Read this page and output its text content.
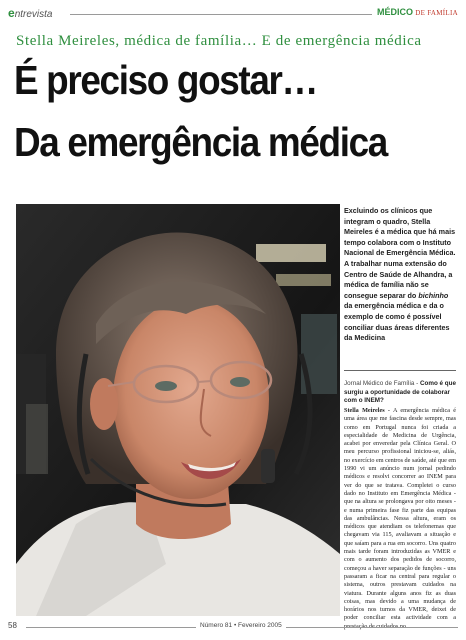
entrevista	MÉDICO DE FAMÍLIA
Stella Meireles, médica de família… E de emergência médica
É preciso gostar…
Da emergência médica
Excluindo os clínicos que integram o quadro, Stella Meireles é a médica que há mais tempo colabora com o Instituto Nacional de Emergência Médica. A trabalhar numa extensão do Centro de Saúde de Alhandra, a médica de família não se consegue separar do bichinho da emergência médica e da o exemplo de como é possível conciliar duas áreas diferentes da Medicina
Jornal Médico de Família - Como é que surgiu a oportunidade de colaborar com o INEM?
Stella Meireles - A emergência médica é uma área que me fascina desde sempre, mas como em Portugal nunca foi criada a especialidade de Medicina de Urgência, acabei por enveredar pela Clínica Geral. O meu percurso profissional iniciou-se, aliás, no exercício em centros de saúde, até que em 1990 vi um anúncio num jornal pedindo médicos e resolvi concorrer ao INEM para ver do que se tratava. Completei o curso dado no Instituto em Emergência Médica - que na altura se prolongava por oito meses - e numa primeira fase fiz parte das equipas das ambulâncias. Nessa altura, eram os médicos que atendiam os telefonemas que chegavam via 115, avaliavam a situação e que saíam para a rua em socorro. Uns quatro mais tarde foram introduzidas as VMER e com o aumento dos pedidos de socorro, começou a haver separação de funções - uns passaram a ficar na central para regular o sistema, outros prestavam cuidados na viatura. Durante alguns anos fiz as duas coisas, mas devido a uma mudança de horários nos turnos da VMER, deixei de poder conciliar esta actividade com a prestação de cuidados no
58	Número 81 • Fevereiro 2005
